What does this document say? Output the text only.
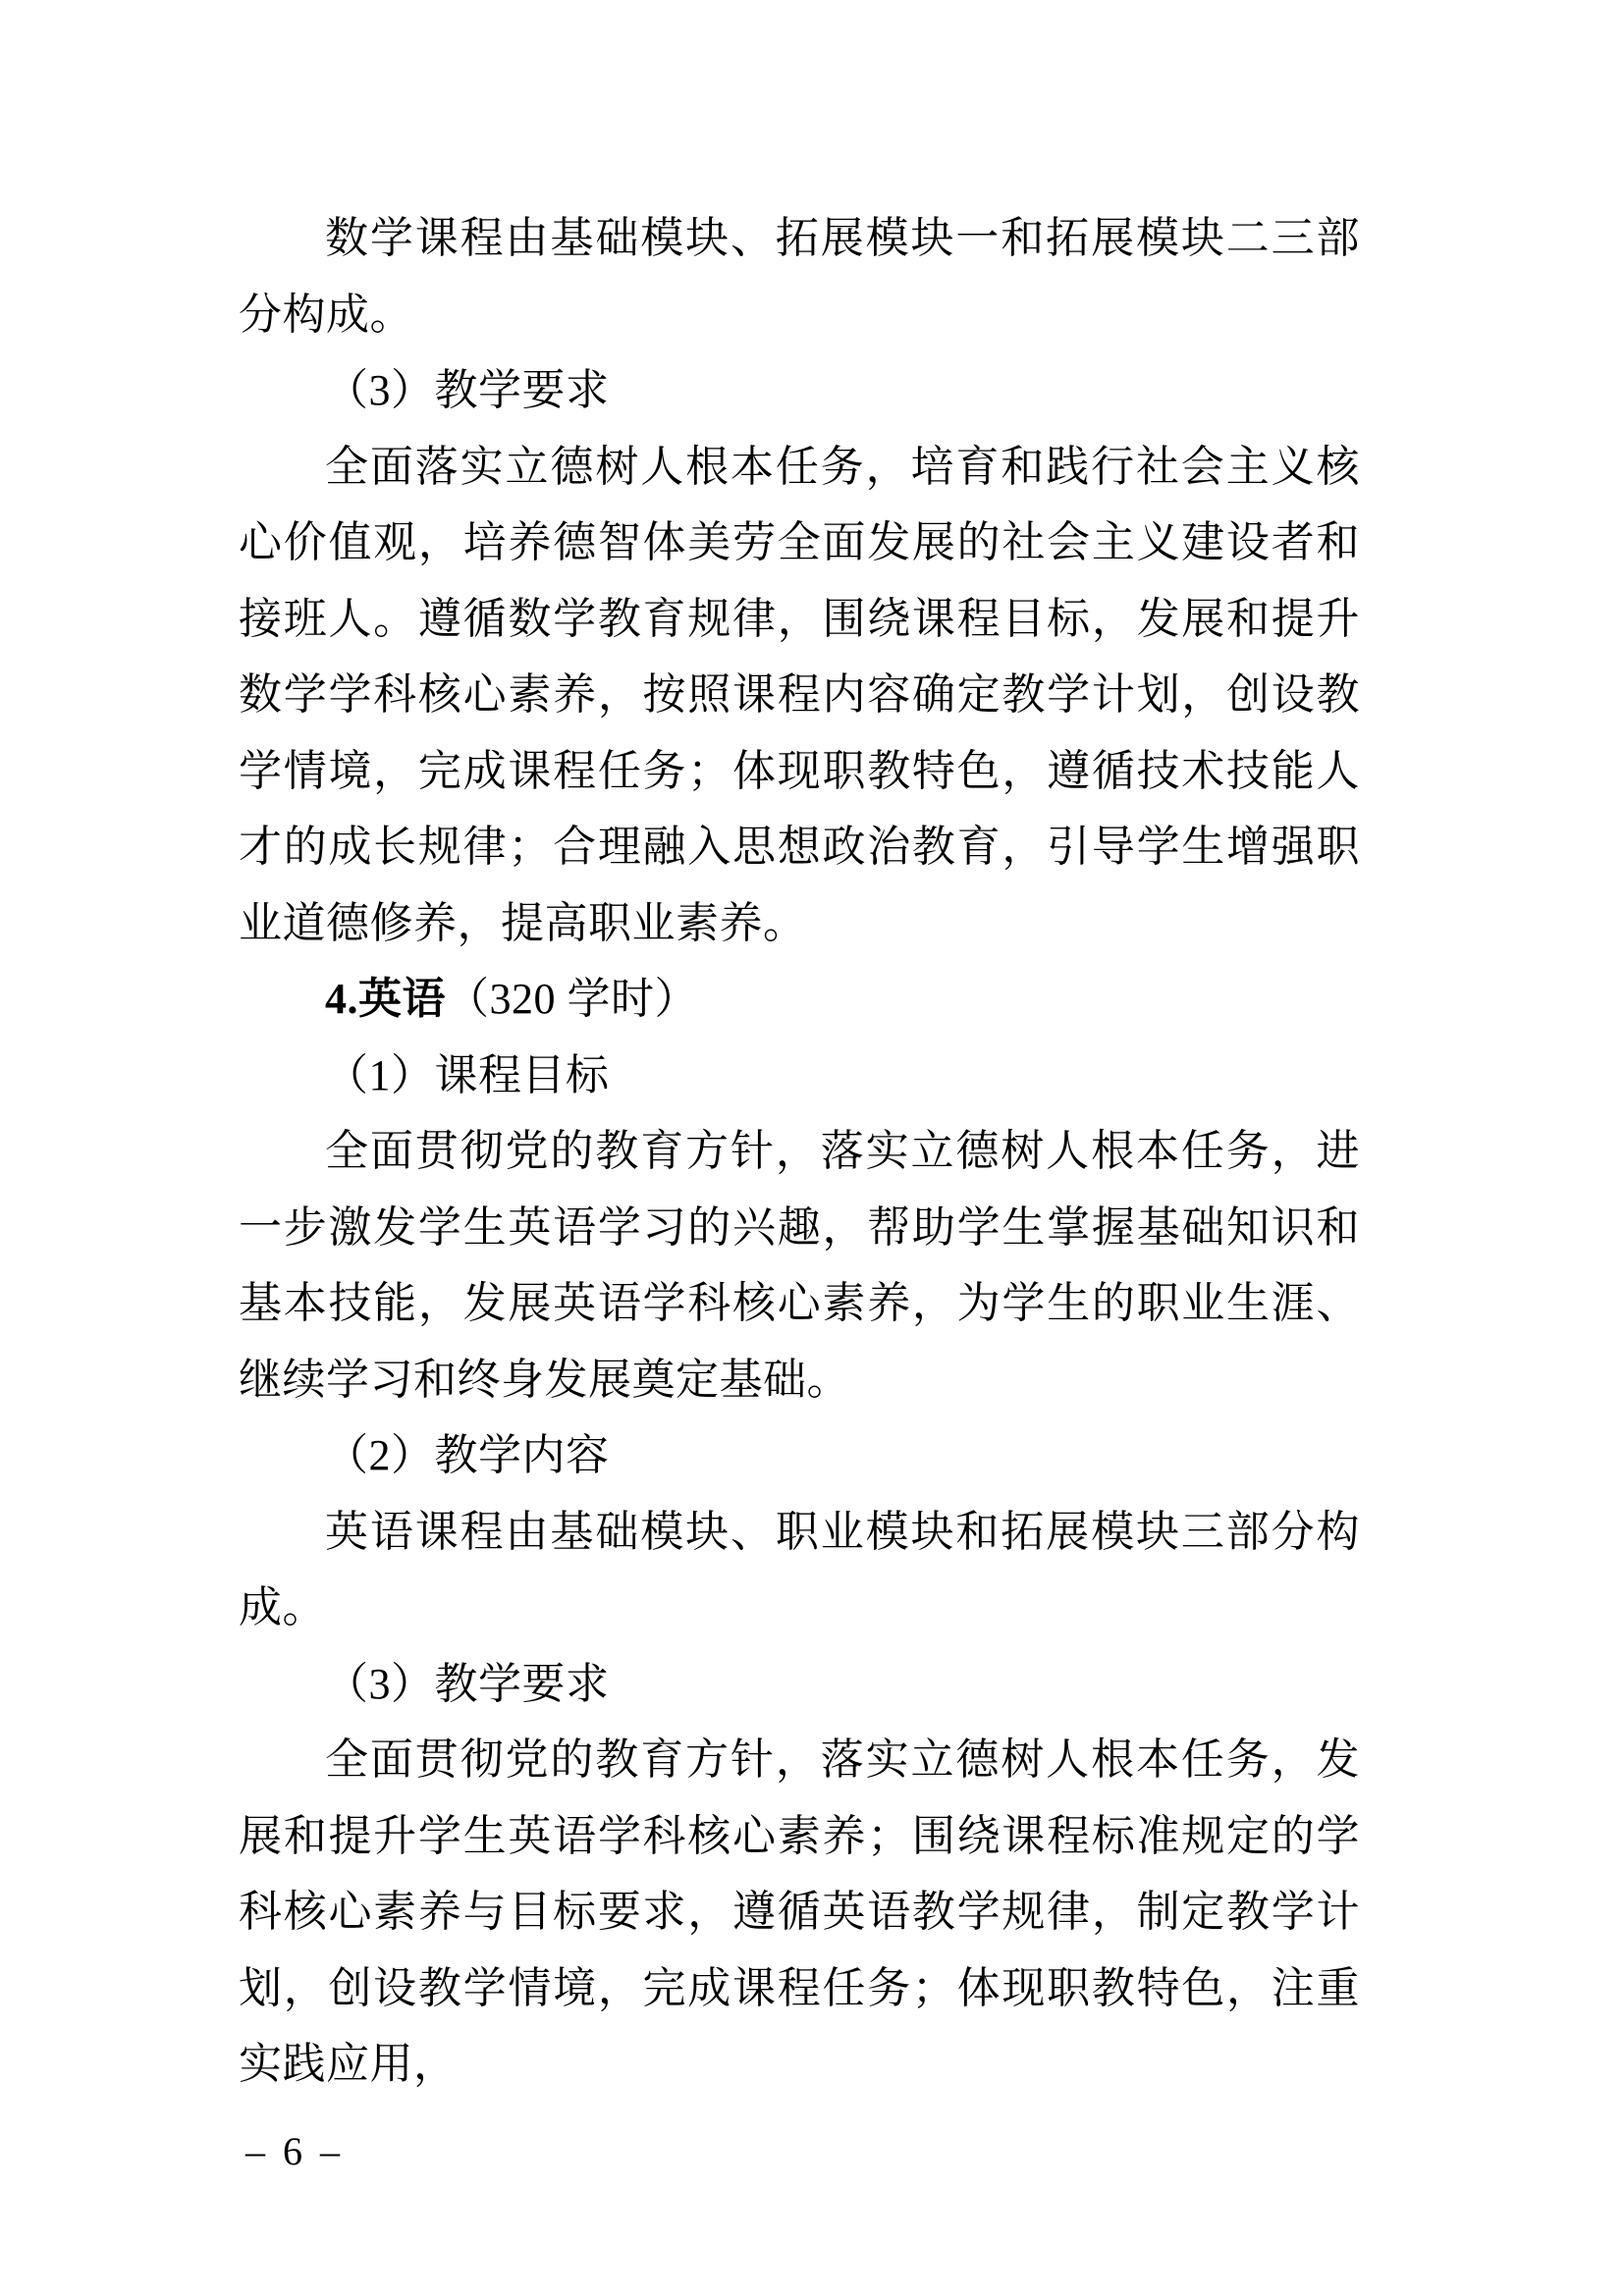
数学课程由基础模块、拓展模块一和拓展模块二三部分构成。

（3）教学要求

全面落实立德树人根本任务，培育和践行社会主义核心价值观，培养德智体美劳全面发展的社会主义建设者和接班人。遵循数学教育规律，围绕课程目标，发展和提升数学学科核心素养，按照课程内容确定教学计划，创设教学情境，完成课程任务；体现职教特色，遵循技术技能人才的成长规律；合理融入思想政治教育，引导学生增强职业道德修养，提高职业素养。

4.英语（320 学时）

（1）课程目标

全面贯彻党的教育方针，落实立德树人根本任务，进一步激发学生英语学习的兴趣，帮助学生掌握基础知识和基本技能，发展英语学科核心素养，为学生的职业生涯、继续学习和终身发展奠定基础。

（2）教学内容

英语课程由基础模块、职业模块和拓展模块三部分构成。

（3）教学要求

全面贯彻党的教育方针，落实立德树人根本任务，发展和提升学生英语学科核心素养；围绕课程标准规定的学科核心素养与目标要求，遵循英语教学规律，制定教学计划，创设教学情境，完成课程任务；体现职教特色，注重实践应用，

– 6 –
